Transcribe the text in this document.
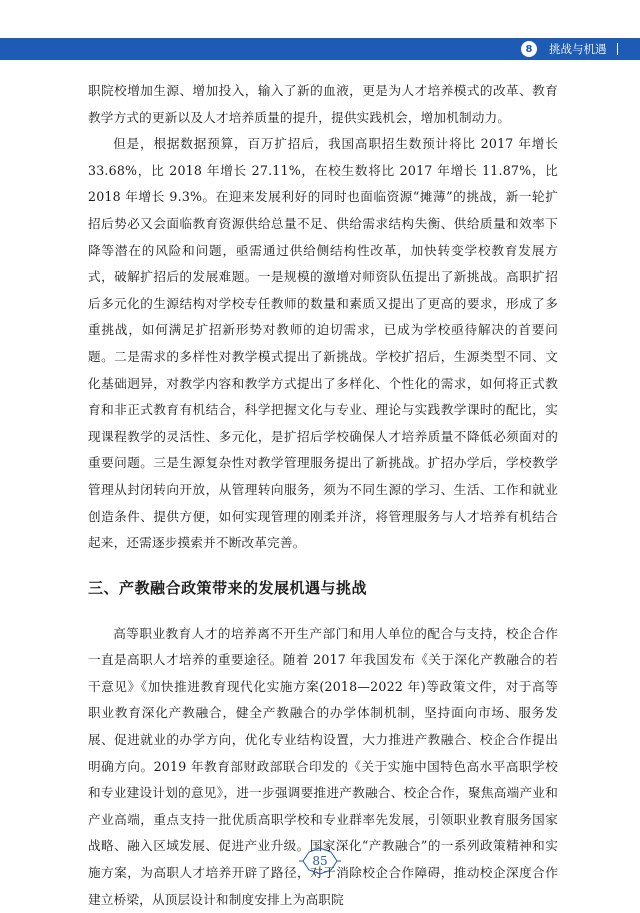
8	挑战与机遇

职院校增加生源、增加投入，输入了新的血液，更是为人才培养模式的改革、教育教学方式的更新以及人才培养质量的提升，提供实践机会，增加机制动力。

但是，根据数据预算，百万扩招后，我国高职招生数预计将比 2017 年增长 33.68%，比 2018 年增长 27.11%，在校生数将比 2017 年增长 11.87%，比 2018 年增长 9.3%。在迎来发展利好的同时也面临资源“摊薄”的挑战，新一轮扩招后势必又会面临教育资源供给总量不足、供给需求结构失衡、供给质量和效率下降等潜在的风险和问题，亟需通过供给侧结构性改革，加快转变学校教育发展方式，破解扩招后的发展难题。一是规模的激增对师资队伍提出了新挑战。高职扩招后多元化的生源结构对学校专任教师的数量和素质又提出了更高的要求，形成了多重挑战，如何满足扩招新形势对教师的迫切需求，已成为学校亟待解决的首要问题。二是需求的多样性对教学模式提出了新挑战。学校扩招后，生源类型不同、文化基础迥异，对教学内容和教学方式提出了多样化、个性化的需求，如何将正式教育和非正式教育有机结合，科学把握文化与专业、理论与实践教学课时的配比，实现课程教学的灵活性、多元化，是扩招后学校确保人才培养质量不降低必须面对的重要问题。三是生源复杂性对教学管理服务提出了新挑战。扩招办学后，学校教学管理从封闭转向开放，从管理转向服务，须为不同生源的学习、生活、工作和就业创造条件、提供方便，如何实现管理的刚柔并济，将管理服务与人才培养有机结合起来，还需逐步摸索并不断改革完善。

三、产教融合政策带来的发展机遇与挑战

高等职业教育人才的培养离不开生产部门和用人单位的配合与支持，校企合作一直是高职人才培养的重要途径。随着 2017 年我国发布《关于深化产教融合的若干意见》《加快推进教育现代化实施方案(2018—2022 年)等政策文件，对于高等职业教育深化产教融合，健全产教融合的办学体制机制，坚持面向市场、服务发展、促进就业的办学方向，优化专业结构设置，大力推进产教融合、校企合作提出明确方向。2019 年教育部财政部联合印发的《关于实施中国特色高水平高职学校和专业建设计划的意见》，进一步强调要推进产教融合、校企合作，聚焦高端产业和产业高端，重点支持一批优质高职学校和专业群率先发展，引领职业教育服务国家战略、融入区域发展、促进产业升级。国家深化“产教融合”的一系列政策精神和实施方案，为高职人才培养开辟了路径，对于消除校企合作障碍，推动校企深度合作建立桥梁，从顶层设计和制度安排上为高职院

85
